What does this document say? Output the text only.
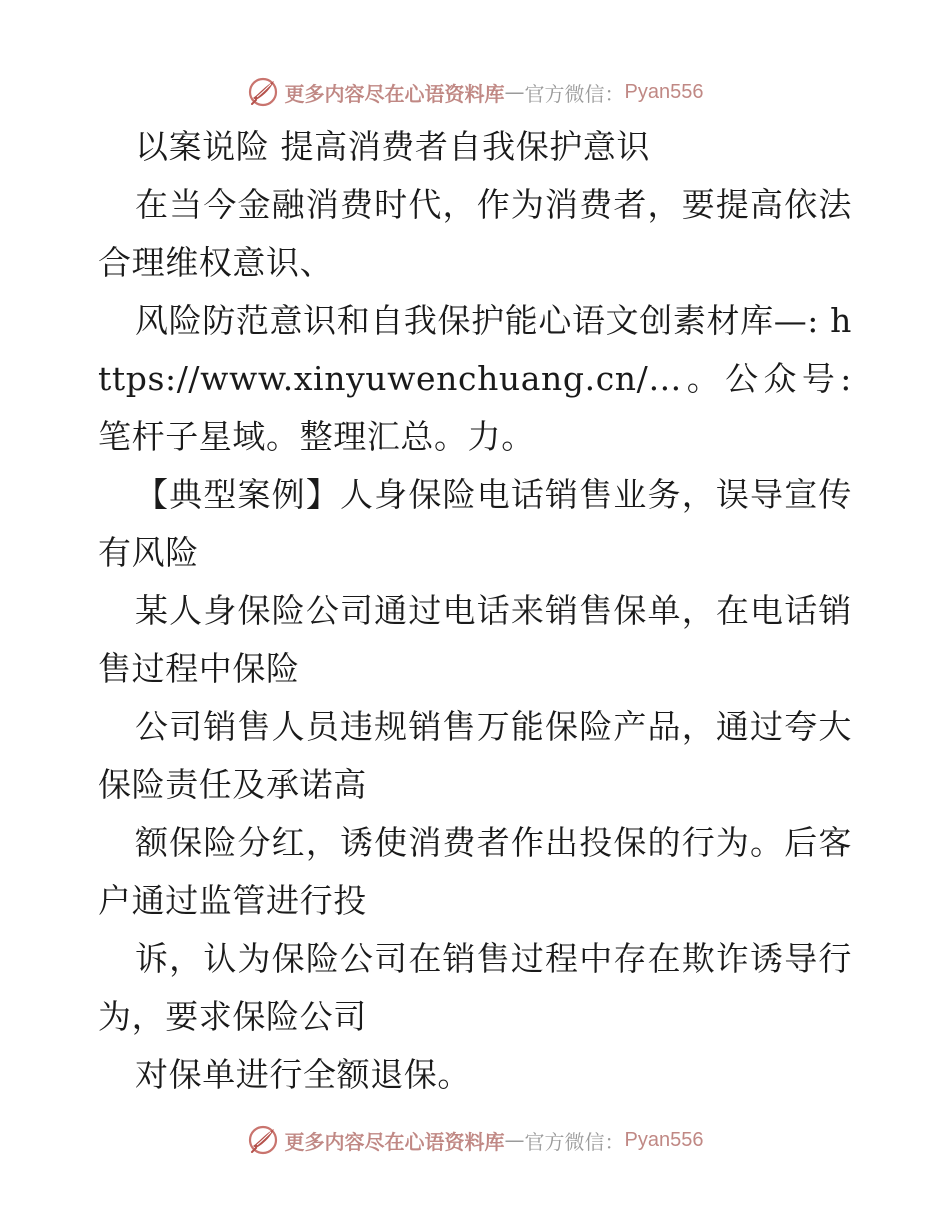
更多内容尽在心语资料库 — 官方微信： Pyan556

以案说险 提高消费者自我保护意识

在当今金融消费时代，作为消费者，要提高依法合理维权意识、

风险防范意识和自我保护能心语文创素材库—: https://www.xinyuwenchuang.cn/…。公众号: 笔杆子星域。整理汇总。力。

【典型案例】人身保险电话销售业务，误导宣传有风险

某人身保险公司通过电话来销售保单，在电话销售过程中保险

公司销售人员违规销售万能保险产品，通过夸大保险责任及承诺高

额保险分红，诱使消费者作出投保的行为。后客户通过监管进行投

诉，认为保险公司在销售过程中存在欺诈诱导行为，要求保险公司

对保单进行全额退保。

更多内容尽在心语资料库 — 官方微信： Pyan556
